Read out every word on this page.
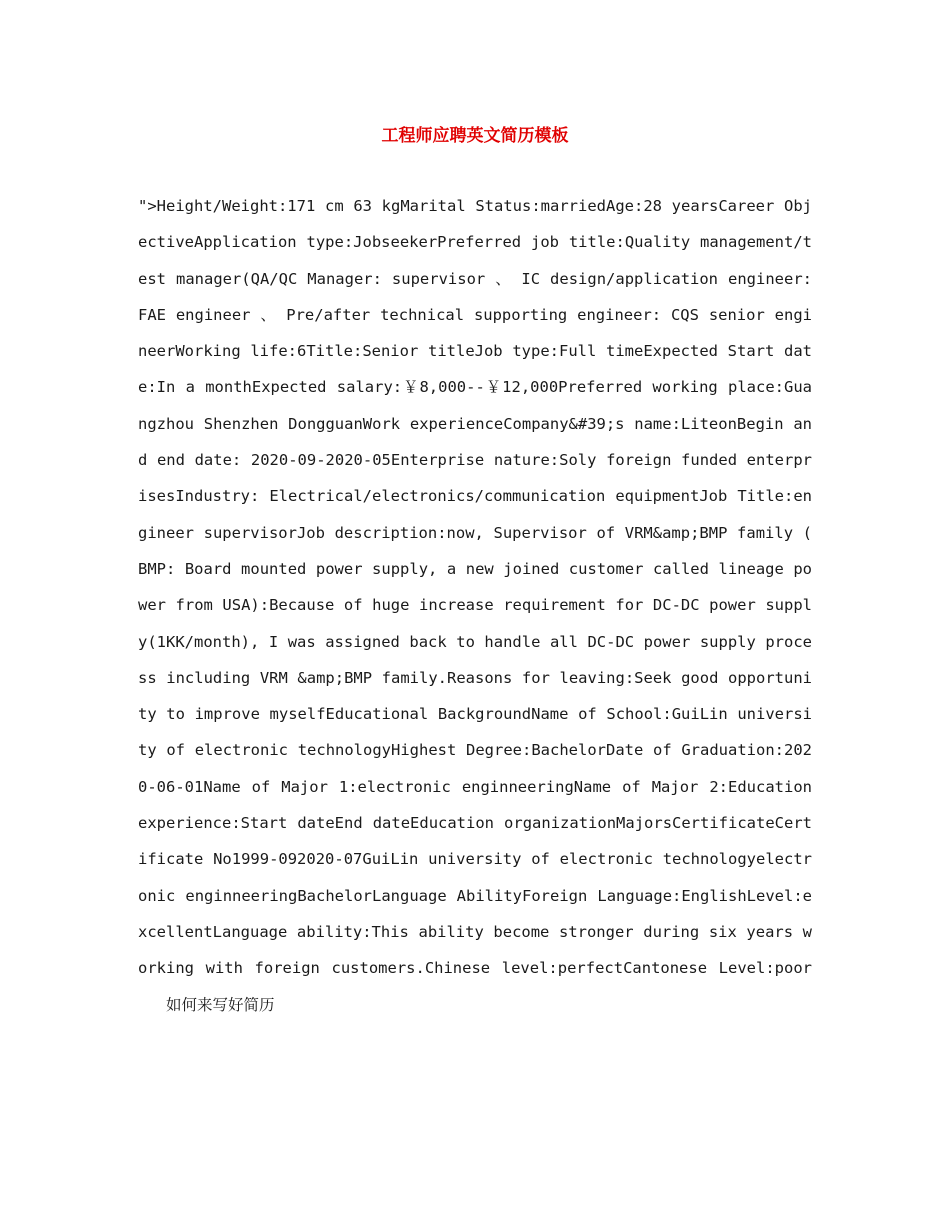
工程师应聘英文简历模板

">Height/Weight:171 cm 63 kgMarital Status:marriedAge:28 yearsCareer ObjectiveApplication type:JobseekerPreferred job title:Quality management/test manager(QA/QC Manager: supervisor 、 IC design/application engineer: FAE engineer 、 Pre/after technical supporting engineer: CQS senior engineerWorking life:6Title:Senior titleJob type:Full timeExpected Start date:In a monthExpected salary:￥8,000--￥12,000Preferred working place:Guangzhou Shenzhen DongguanWork experienceCompany&#39;s name:LiteonBegin and end date: 2020-09-2020-05Enterprise nature:Soly foreign funded enterprisesIndustry: Electrical/electronics/communication equipmentJob Title:engineer supervisorJob description:now, Supervisor of VRM&amp;BMP family ( BMP: Board mounted power supply, a new joined customer called lineage power from USA):Because of huge increase requirement for DC-DC power supply(1KK/month), I was assigned back to handle all DC-DC power supply process including VRM &amp;BMP family.Reasons for leaving:Seek good opportunity to improve myselfEducational BackgroundName of School:GuiLin university of electronic technologyHighest Degree:BachelorDate of Graduation:2020-06-01Name of Major 1:electronic enginneeringName of Major 2:Education experience:Start dateEnd dateEducation organizationMajorsCertificateCertificate No1999-092020-07GuiLin university of electronic technologyelectronic enginneeringBachelorLanguage AbilityForeign Language:EnglishLevel:excellentLanguage ability:This ability become stronger during six years working with foreign customers.Chinese level:perfectCantonese Level:poor如何来写好简历
